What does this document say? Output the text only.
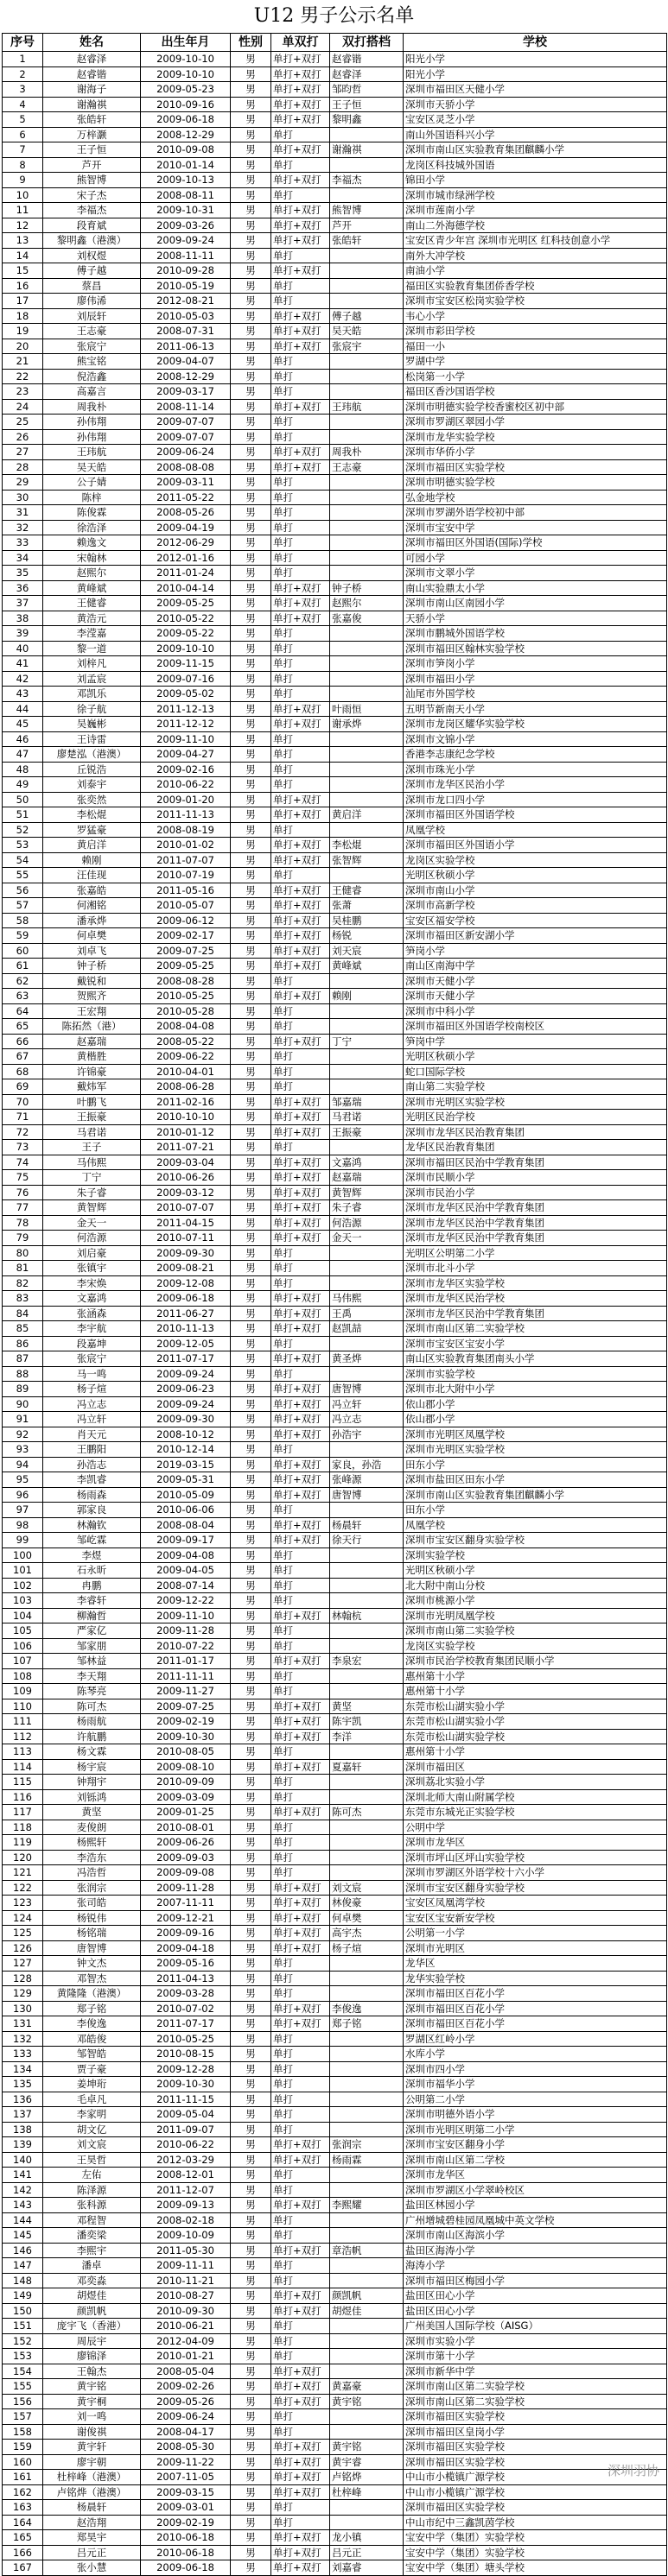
U12 男子公示名单
序号	姓名	出生年月	性别	单双打	双打搭档	学校
1	赵睿泽	2009-10-10	男	单打+双打	赵睿锴	阳光小学
2	赵睿锴	2009-10-10	男	单打+双打	赵睿泽	阳光小学
3	谢海子	2009-05-23	男	单打+双打	邹昀哲	深圳市福田区天健小学
4	谢瀚祺	2010-09-16	男	单打+双打	王子恒	深圳市天骄小学
5	张皓轩	2009-06-18	男	单打+双打	黎明鑫	宝安区灵芝小学
6	万梓灏	2008-12-29	男	单打		南山外国语科兴小学
7	王子恒	2010-09-08	男	单打+双打	谢瀚祺	深圳市南山区实验教育集团麒麟小学
8	芦开	2010-01-14	男	单打		龙岗区科技城外国语
9	熊智博	2009-10-13	男	单打+双打	李福杰	锦田小学
10	宋子杰	2008-08-11	男	单打		深圳市城市绿洲学校
11	李福杰	2009-10-31	男	单打+双打	熊智博	深圳市莲南小学
12	段育斌	2009-03-26	男	单打+双打	芦开	南山二外海德学校
13	黎明鑫（港澳）	2009-09-24	男	单打+双打	张皓轩	宝安区青少年宫 深圳市光明区 红科技创意小学
14	刘权煜	2008-11-11	男	单打		南外大冲学校
15	傅子越	2010-09-28	男	单打+双打		南油小学
16	蔡昌	2010-05-19	男	单打		福田区实验教育集团侨香学校
17	廖伟浠	2012-08-21	男	单打		深圳市宝安区松岗实验学校
18	刘辰轩	2010-05-03	男	单打+双打	傅子越	韦心小学
19	王志豪	2008-07-31	男	单打+双打	吴天皓	深圳市彩田学校
20	张宸宁	2011-06-13	男	单打+双打	张宸宇	福田一小
21	熊宝铭	2009-04-07	男	单打		罗湖中学
22	倪浩鑫	2008-12-29	男	单打		松岗第一小学
23	高嘉言	2009-03-17	男	单打		福田区香沙国语学校
24	周我朴	2008-11-14	男	单打+双打	王玮航	深圳市明德实验学校香蜜校区初中部
25	孙伟翔	2009-07-07	男	单打		深圳市罗湖区翠园小学
26	孙伟翔	2009-07-07	男	单打		深圳市龙华实验学校
27	王玮航	2009-06-24	男	单打+双打	周我朴	深圳市华侨小学
28	吴天皓	2008-08-08	男	单打+双打	王志豪	深圳市福田区实验学校
29	公子婧	2009-03-11	男	单打		深圳市明德实验学校
30	陈梓	2011-05-22	男	单打		弘金地学校
31	陈俊霖	2008-05-26	男	单打		深圳市罗湖外语学校初中部
32	徐浩泽	2009-04-19	男	单打		深圳市宝安中学
33	赖逸文	2012-06-29	男	单打		深圳市福田区外国语(国际)学校
34	宋翰林	2012-01-16	男	单打		可园小学
35	赵熙尔	2011-01-24	男	单打		深圳市文翠小学
36	黄峰斌	2010-04-14	男	单打+双打	钟子桥	南山实验鼎太小学
37	王健睿	2009-05-25	男	单打+双打	赵熙尔	深圳市南山区南园小学
38	黄浩元	2010-05-22	男	单打+双打	张嘉俊	天骄小学
39	李滢嘉	2009-05-22	男	单打		深圳市鹏城外国语学校
40	黎一道	2009-10-10	男	单打		深圳市福田区翰林实验学校
41	刘梓凡	2009-11-15	男	单打		深圳市笋岗小学
42	刘孟宸	2009-07-16	男	单打		深圳市福田小学
43	邓凯乐	2009-05-02	男	单打		汕尾市外国学校
44	徐子航	2011-12-13	男	单打+双打	叶雨恒	五明节新南天小学
45	吴巍彬	2011-12-12	男	单打+双打	谢承烨	深圳市龙岗区耀华实验学校
46	王诗雷	2009-11-10	男	单打		深圳市文锦小学
47	廖楚泓（港澳）	2009-04-27	男	单打		香港李志康纪念学校
48	丘锐浩	2009-02-16	男	单打		深圳市珠光小学
49	刘泰宇	2010-06-22	男	单打		深圳市龙华区民治小学
50	张奕然	2009-01-20	男	单打+双打		深圳市龙口四小学
51	李松焜	2011-11-13	男	单打+双打	黄启洋	深圳市福田区外国语学校
52	罗猛豪	2008-08-19	男	单打		凤凰学校
53	黄启洋	2010-01-02	男	单打+双打	李松焜	深圳市福田区外国语小学
54	赖刚	2011-07-07	男	单打+双打	张智辉	龙岗区实验学校
55	汪佳现	2010-07-19	男	单打		光明区秋硕小学
56	张嘉皓	2011-05-16	男	单打+双打	王健睿	深圳市南山小学
57	何湘铭	2010-05-07	男	单打+双打	张萧	深圳市高新学校
58	潘承烨	2009-06-12	男	单打+双打	吴桂鹏	宝安区福安学校
59	何卓樊	2009-02-17	男	单打+双打	杨锐	深圳市福田区新安湖小学
60	刘卓飞	2009-07-25	男	单打+双打	刘天宸	笋岗小学
61	钟子桥	2009-05-25	男	单打+双打	黄峰斌	南山区南海中学
62	戴锐和	2008-08-28	男	单打		深圳市天健小学
63	贺熙齐	2010-05-25	男	单打+双打	赖刚	深圳市天健小学
64	王宏翔	2010-05-28	男	单打		深圳市中科小学
65	陈拓然（港）	2008-04-08	男	单打		深圳市福田区外国语学校南校区
66	赵嘉瑞	2008-05-22	男	单打+双打	丁宁	笋岗中学
67	黄楷胜	2009-06-22	男	单打		光明区秋硕小学
68	许锦豪	2010-04-01	男	单打		蛇口国际学校
69	戴炜军	2008-06-28	男	单打		南山第二实验学校
70	叶鹏飞	2011-02-16	男	单打+双打	邹嘉瑞	深圳市光明区实验学校
71	王振豪	2010-10-10	男	单打+双打	马君诺	光明区民治学校
72	马君诺	2010-01-12	男	单打+双打	王振豪	深圳市龙华区民治教育集团
73	王子	2011-07-21	男	单打		龙华区民治教育集团
74	马伟熙	2009-03-04	男	单打+双打	文嘉鸿	深圳市福田区民治中学教育集团
75	丁宁	2010-06-26	男	单打+双打	赵嘉瑞	深圳市民顺小学
76	朱子睿	2009-03-12	男	单打+双打	黄智辉	深圳市民治小学
77	黄智辉	2010-07-07	男	单打+双打	朱子睿	深圳市龙华区民治中学教育集团
78	金天一	2011-04-15	男	单打+双打	何浩源	深圳市龙华区民治中学教育集团
79	何浩源	2010-07-11	男	单打+双打	金天一	深圳市龙华区民治中学教育集团
80	刘启豪	2009-09-30	男	单打		光明区公明第二小学
81	张镇宇	2009-08-21	男	单打		深圳市北斗小学
82	李宋焕	2009-12-08	男	单打		深圳市龙华区实验学校
83	文嘉鸿	2009-06-18	男	单打+双打	马伟熙	深圳市龙华区民治学校
84	张涵森	2011-06-27	男	单打+双打	王禹	深圳市龙华区民治中学教育集团
85	李宇航	2010-11-13	男	单打+双打	赵凯喆	深圳市南山区第二实验学校
86	段嘉坤	2009-12-05	男	单打		深圳市宝安区宝安小学
87	张宸宁	2011-07-17	男	单打+双打	黄圣烨	南山区实验教育集团南头小学
88	马一鸣	2009-09-24	男	单打		深圳市实验学校
89	杨子煊	2009-06-23	男	单打+双打	唐智博	深圳市北大附中小学
90	冯立志	2009-09-24	男	单打+双打	冯立轩	依山郡小学
91	冯立轩	2009-09-30	男	单打+双打	冯立志	依山郡小学
92	肖天元	2008-10-12	男	单打+双打	孙浩宇	深圳市光明区凤凰学校
93	王鹏阳	2010-12-14	男	单打		深圳市光明区实验学校
94	孙浩志	2019-03-15	男	单打+双打	家良，孙浩	田东小学
95	李凯睿	2009-05-31	男	单打+双打	张峰源	深圳市盐田区田东小学
96	杨雨森	2010-05-09	男	单打+双打	唐智博	深圳市南山区实验教育集团麒麟小学
97	郭家良	2010-06-06	男	单打		田东小学
98	林瀚钦	2008-08-04	男	单打+双打	杨晨轩	凤凰学校
99	邹屹霖	2009-09-17	男	单打+双打	徐天行	深圳市宝安区翻身实验学校
100	李煜	2009-04-08	男	单打		深圳实验学校
101	石永昕	2009-04-05	男	单打		光明区秋硕小学
102	冉鹏	2008-07-14	男	单打		北大附中南山分校
103	李睿轩	2009-12-22	男	单打		深圳市桃源小学
104	柳瀚哲	2009-11-10	男	单打+双打	林翰杭	深圳市光明凤凰学校
105	严家亿	2009-11-28	男	单打		深圳市南山第二实验学校
106	邹家朋	2010-07-22	男	单打		龙岗区实验学校
107	邹林益	2011-01-17	男	单打+双打	李泉宏	深圳市民治学校教育集团民顺小学
108	李天翔	2011-11-11	男	单打		惠州第十小学
109	陈琴亮	2009-11-27	男	单打		惠州第十小学
110	陈可杰	2009-07-25	男	单打+双打	黄坚	东莞市松山湖实验小学
111	杨雨航	2009-02-19	男	单打+双打	陈宇凯	东莞市松山湖实验小学
112	许航鹏	2009-10-30	男	单打+双打	李洋	东莞市松山湖实验学校
113	杨文霖	2010-08-05	男	单打		惠州第十小学
114	杨宇宸	2009-08-10	男	单打+双打	夏嘉轩	深圳市福田区
115	钟翔宇	2010-09-09	男	单打		深圳荔北实验小学
116	刘铄鸿	2009-03-09	男	单打		深圳北师大南山附属学校
117	黄坚	2009-01-25	男	单打+双打	陈可杰	东莞市东城光正实验学校
118	麦俊朗	2010-08-01	男	单打		公明中学
119	杨熙轩	2009-06-26	男	单打		深圳市龙华区
120	李浩东	2009-09-03	男	单打		深圳市坪山区坪山实验学校
121	冯浩哲	2009-09-08	男	单打		深圳市罗湖区外语学校十六小学
122	张润宗	2009-11-28	男	单打+双打	刘文宸	深圳市宝安区翻身实验学校
123	张司皓	2007-11-11	男	单打+双打	林俊豪	宝安区凤凰湾学校
124	杨锐伟	2009-12-21	男	单打+双打	何卓樊	宝安区宝安新安学校
125	杨铭瑞	2009-09-16	男	单打+双打	高宇杰	公明第一小学
126	唐智博	2009-04-18	男	单打+双打	杨子煊	深圳市光明区
127	钟文杰	2009-05-16	男	单打		龙华区
128	邓智杰	2011-04-13	男	单打		龙华实验学校
129	黄隆隆（港澳）	2009-03-28	男	单打		深圳市福田区百花小学
130	郑子铭	2010-07-02	男	单打+双打	李俊逸	深圳市福田区百花小学
131	李俊逸	2011-07-17	男	单打+双打	郑子铭	深圳市福田区百花小学
132	邓皓俊	2010-05-25	男	单打		罗湖区红岭小学
133	邹智皓	2010-08-15	男	单打		水库小学
134	贾子豪	2009-12-28	男	单打		深圳市四小学
135	姜坤珩	2009-10-30	男	单打		深圳市福华小学
136	毛卓凡	2011-11-15	男	单打		公明第二小学
137	李家明	2009-05-04	男	单打		深圳市明德外语小学
138	胡文亿	2011-09-07	男	单打		深圳市光明区明第二小学
139	刘文宸	2010-06-22	男	单打+双打	张润宗	深圳市宝安区翻身小学
140	王昊哲	2012-03-29	男	单打+双打	杨雨霖	深圳市南山区第二学校
141	左佑	2008-12-01	男	单打		深圳市龙华区
142	陈泽源	2011-12-07	男	单打		深圳市罗湖区小学翠岭校区
143	张科源	2009-09-13	男	单打+双打	李熙耀	盐田区林园小学
144	邓程智	2008-02-18	男	单打		广州增城碧桂园凤凰城中英文学校
145	潘奕梁	2009-10-09	男	单打		深圳市南山区海滨小学
146	李熙宇	2011-05-30	男	单打+双打	章浩帆	盐田区海涛小学
147	潘卓	2009-11-11	男	单打		海涛小学
148	邓奕淼	2010-11-21	男	单打		深圳市福田区梅园小学
149	胡煜佳	2010-08-27	男	单打+双打	颜凯帆	盐田区田心小学
150	颜凯帆	2010-09-30	男	单打+双打	胡煜佳	盐田区田心小学
151	庞宇飞（香港）	2010-06-21	男	单打		广州美国人国际学校（AISG）
152	周辰宇	2012-04-09	男	单打		深圳市实验小学
153	廖锦泽	2010-01-21	男	单打		深圳市第十小学
154	王翰杰	2008-05-04	男	单打+双打		深圳市新华中学
155	黄宇铭	2009-02-26	男	单打+双打	黄嘉豪	深圳市南山区第二实验学校
156	黄宇桐	2009-05-26	男	单打+双打	黄宇铭	深圳市南山区第二实验学校
157	刘一鸣	2009-06-24	男	单打		深圳市福田区实验学校
158	谢俊祺	2008-04-17	男	单打		深圳市福田区皇岗小学
159	黄宇轩	2008-05-30	男	单打+双打	黄宇铭	深圳市福田区实验学校
160	廖宇朝	2009-11-22	男	单打+双打	黄宇睿	深圳市福田区实验学校
161	杜梓峰（港澳）	2007-11-05	男	单打+双打	卢铭烨	中山市小榄镇广源学校
162	卢铭烨（港澳）	2009-03-15	男	单打+双打	杜梓峰	中山市小榄镇广源学校
163	杨晨轩	2009-03-01	男	单打		深圳市福田区实验学校
164	赵浩翔	2009-02-19	男	单打		中山市纪中三鑫凯茵学校
165	郑昊宇	2010-06-18	男	单打+双打	龙小镇	宝安中学（集团）实验学校
166	吕元正	2010-06-18	男	单打+双打	吕元正	宝安中学（集团）实验学校
167	张小慧	2009-06-18	男	单打+双打	刘嘉睿	宝安中学（集团）塘头学校
深圳羽协
